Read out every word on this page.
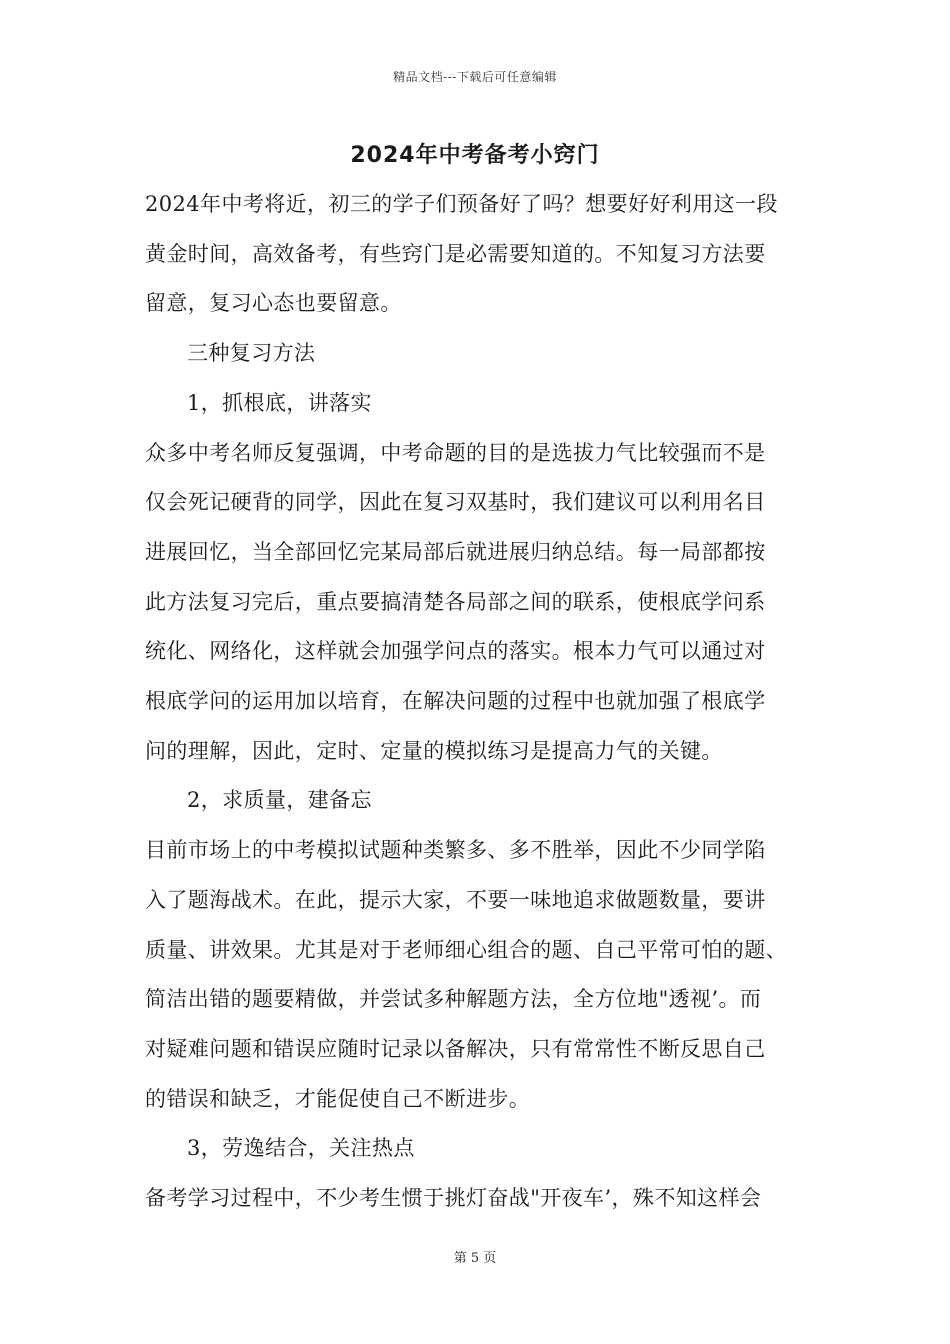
精品文档---下载后可任意编辑
2024年中考备考小窍门

2024年中考将近，初三的学子们预备好了吗？想要好好利用这一段

黄金时间，高效备考，有些窍门是必需要知道的。不知复习方法要

留意，复习心态也要留意。

三种复习方法

1，抓根底，讲落实

众多中考名师反复强调，中考命题的目的是选拔力气比较强而不是

仅会死记硬背的同学，因此在复习双基时，我们建议可以利用名目

进展回忆，当全部回忆完某局部后就进展归纳总结。每一局部都按

此方法复习完后，重点要搞清楚各局部之间的联系，使根底学问系

统化、网络化，这样就会加强学问点的落实。根本力气可以通过对

根底学问的运用加以培育，在解决问题的过程中也就加强了根底学

问的理解，因此，定时、定量的模拟练习是提高力气的关键。

2，求质量，建备忘

目前市场上的中考模拟试题种类繁多、多不胜举，因此不少同学陷

入了题海战术。在此，提示大家，不要一味地追求做题数量，要讲

质量、讲效果。尤其是对于老师细心组合的题、自己平常可怕的题、

简洁出错的题要精做，并尝试多种解题方法，全方位地"透视’。而

对疑难问题和错误应随时记录以备解决，只有常常性不断反思自己

的错误和缺乏，才能促使自己不断进步。

3，劳逸结合，关注热点

备考学习过程中，不少考生惯于挑灯奋战"开夜车’，殊不知这样会

第 5 页
